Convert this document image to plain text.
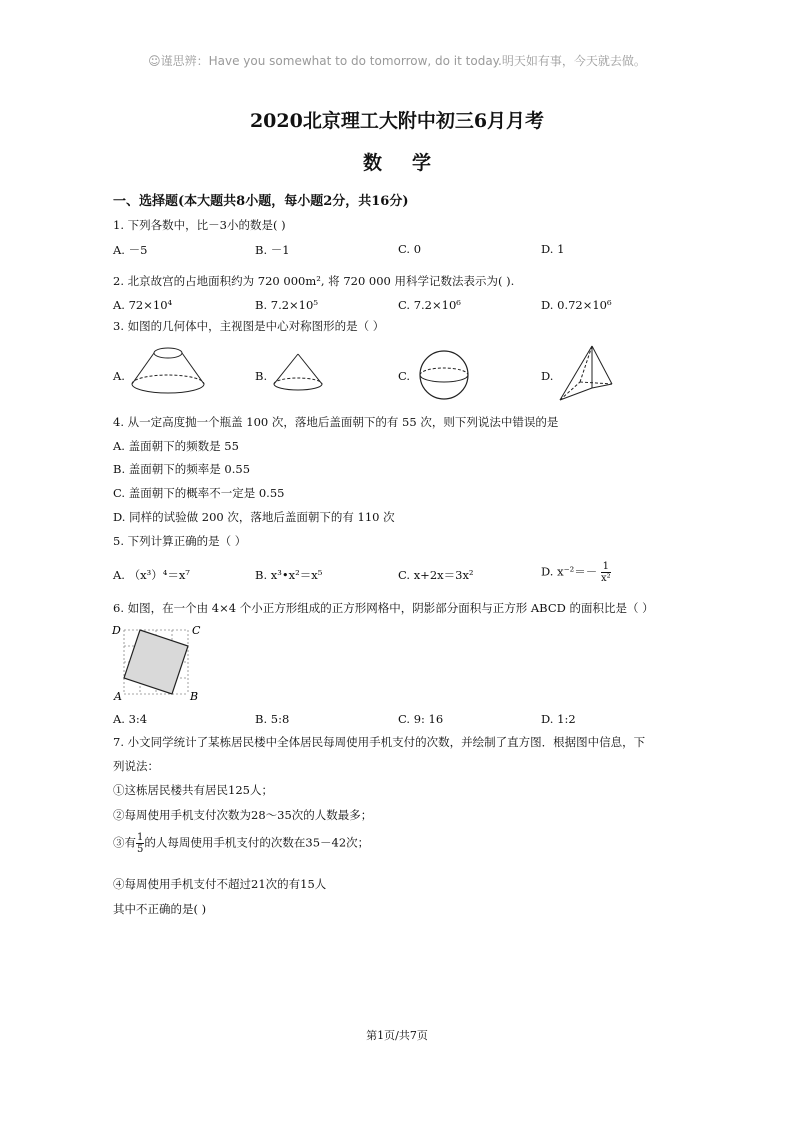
☺谨思辨：Have you somewhat to do tomorrow, do it today.明天如有事，今天就去做。
2020北京理工大附中初三6月月考
数学
一、选择题(本大题共8小题，每小题2分，共16分)
1. 下列各数中，比－3小的数是( )
A. －5	B. －1	C. 0	D. 1
2. 北京故宫的占地面积约为 720 000m², 将 720 000 用科学记数法表示为( ).
A. 72×10⁴	B. 7.2×10⁵	C. 7.2×10⁶	D. 0.72×10⁶
3. 如图的几何体中，主视图是中心对称图形的是（ ）
A.	B.	C.	D.
4. 从一定高度抛一个瓶盖 100 次，落地后盖面朝下的有 55 次，则下列说法中错误的是
A. 盖面朝下的频数是 55
B. 盖面朝下的频率是 0.55
C. 盖面朝下的概率不一定是 0.55
D. 同样的试验做 200 次，落地后盖面朝下的有 110 次
5. 下列计算正确的是（ ）
A. （x³）⁴＝x⁷	B. x³•x²＝x⁵	C. x+2x＝3x²	D. $x^{-2}=- \frac{1}{\text{x²}}$
6. 如图，在一个由 4×4 个小正方形组成的正方形网格中，阴影部分面积与正方形 ABCD 的面积比是（ ）
D	C
A	B
A. 3:4	B. 5:8	C. 9: 16	D. 1:2
7. 小文同学统计了某栋居民楼中全体居民每周使用手机支付的次数，并绘制了直方图．根据图中信息，下
列说法：
①这栋居民楼共有居民125人；
②每周使用手机支付次数为28～35次的人数最多；
③有 $\frac{1}{5}$ 的人每周使用手机支付的次数在35－42次；
④每周使用手机支付不超过21次的有15人
其中不正确的是( )
第1页/共7页
